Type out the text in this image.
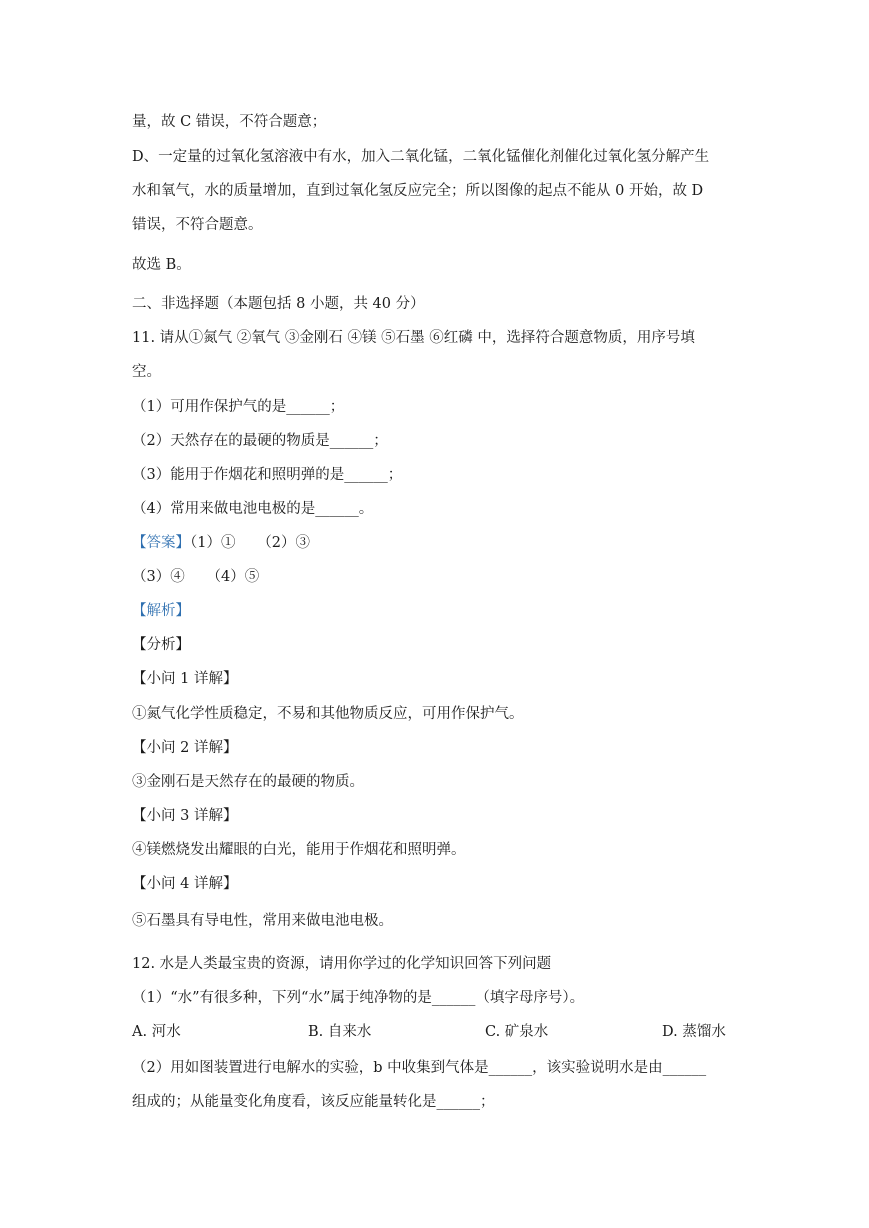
量，故 C 错误，不符合题意；
D、一定量的过氧化氢溶液中有水，加入二氧化锰，二氧化锰催化剂催化过氧化氢分解产生
水和氧气，水的质量增加，直到过氧化氢反应完全；所以图像的起点不能从 0 开始，故 D
错误，不符合题意。
故选 B。
二、非选择题（本题包括 8 小题，共 40 分）
11. 请从①氮气 ②氧气 ③金刚石 ④镁 ⑤石墨 ⑥红磷 中，选择符合题意物质，用序号填
空。
（1）可用作保护气的是______；
（2）天然存在的最硬的物质是______；
（3）能用于作烟花和照明弹的是______；
（4）常用来做电池电极的是______。
【答案】（1）①　　（2）③
（3）④　　（4）⑤
【解析】
【分析】
【小问 1 详解】
①氮气化学性质稳定，不易和其他物质反应，可用作保护气。
【小问 2 详解】
③金刚石是天然存在的最硬的物质。
【小问 3 详解】
④镁燃烧发出耀眼的白光，能用于作烟花和照明弹。
【小问 4 详解】
⑤石墨具有导电性，常用来做电池电极。
12. 水是人类最宝贵的资源，请用你学过的化学知识回答下列问题
（1）“水”有很多种，下列“水”属于纯净物的是______（填字母序号）。
A. 河水	B. 自来水	C. 矿泉水	D. 蒸馏水
（2）用如图装置进行电解水的实验，b 中收集到气体是______，该实验说明水是由______
组成的；从能量变化角度看，该反应能量转化是______；
